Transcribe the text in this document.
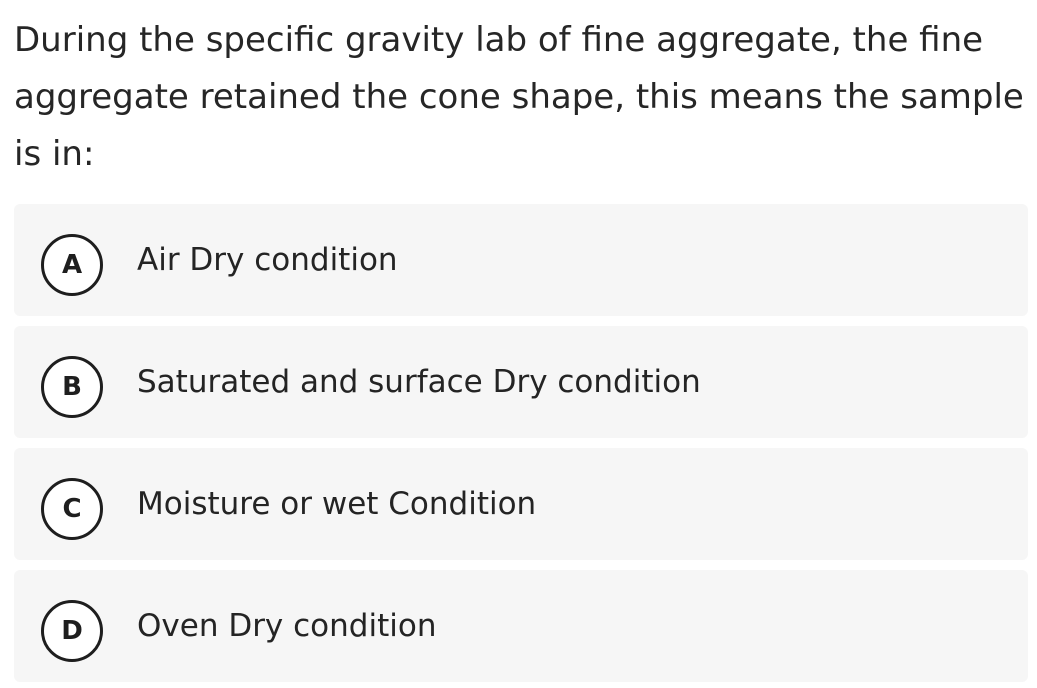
During the specific gravity lab of fine aggregate, the fine aggregate retained the cone shape, this means the sample is in:
A	Air Dry condition
B	Saturated and surface Dry condition
C	Moisture or wet Condition
D	Oven Dry condition
